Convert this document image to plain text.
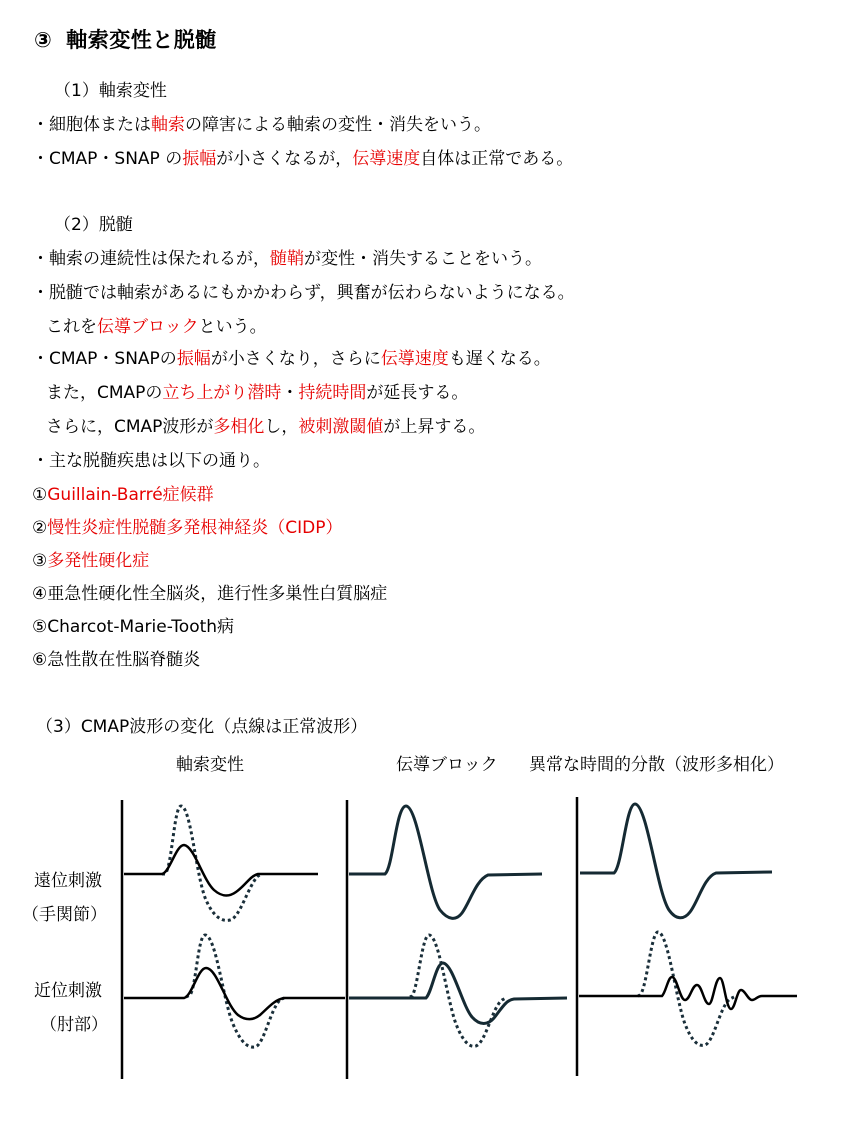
③ 軸索変性と脱髄
（1）軸索変性
・細胞体または軸索の障害による軸索の変性・消失をいう。
・CMAP・SNAP の振幅が小さくなるが，伝導速度自体は正常である。
（2）脱髄
・軸索の連続性は保たれるが，髄鞘が変性・消失することをいう。
・脱髄では軸索があるにもかかわらず，興奮が伝わらないようになる。
これを伝導ブロックという。
・CMAP・SNAPの振幅が小さくなり，さらに伝導速度も遅くなる。
また，CMAPの立ち上がり潜時・持続時間が延長する。
さらに，CMAP波形が多相化し，被刺激閾値が上昇する。
・主な脱髄疾患は以下の通り。
①Guillain-Barré症候群
②慢性炎症性脱髄多発根神経炎（CIDP）
③多発性硬化症
④亜急性硬化性全脳炎，進行性多巣性白質脳症
⑤Charcot-Marie-Tooth病
⑥急性散在性脳脊髄炎
（3）CMAP波形の変化（点線は正常波形）
軸索変性	伝導ブロック 異常な時間的分散（波形多相化）
遠位刺激
（手関節）
近位刺激
（肘部）
